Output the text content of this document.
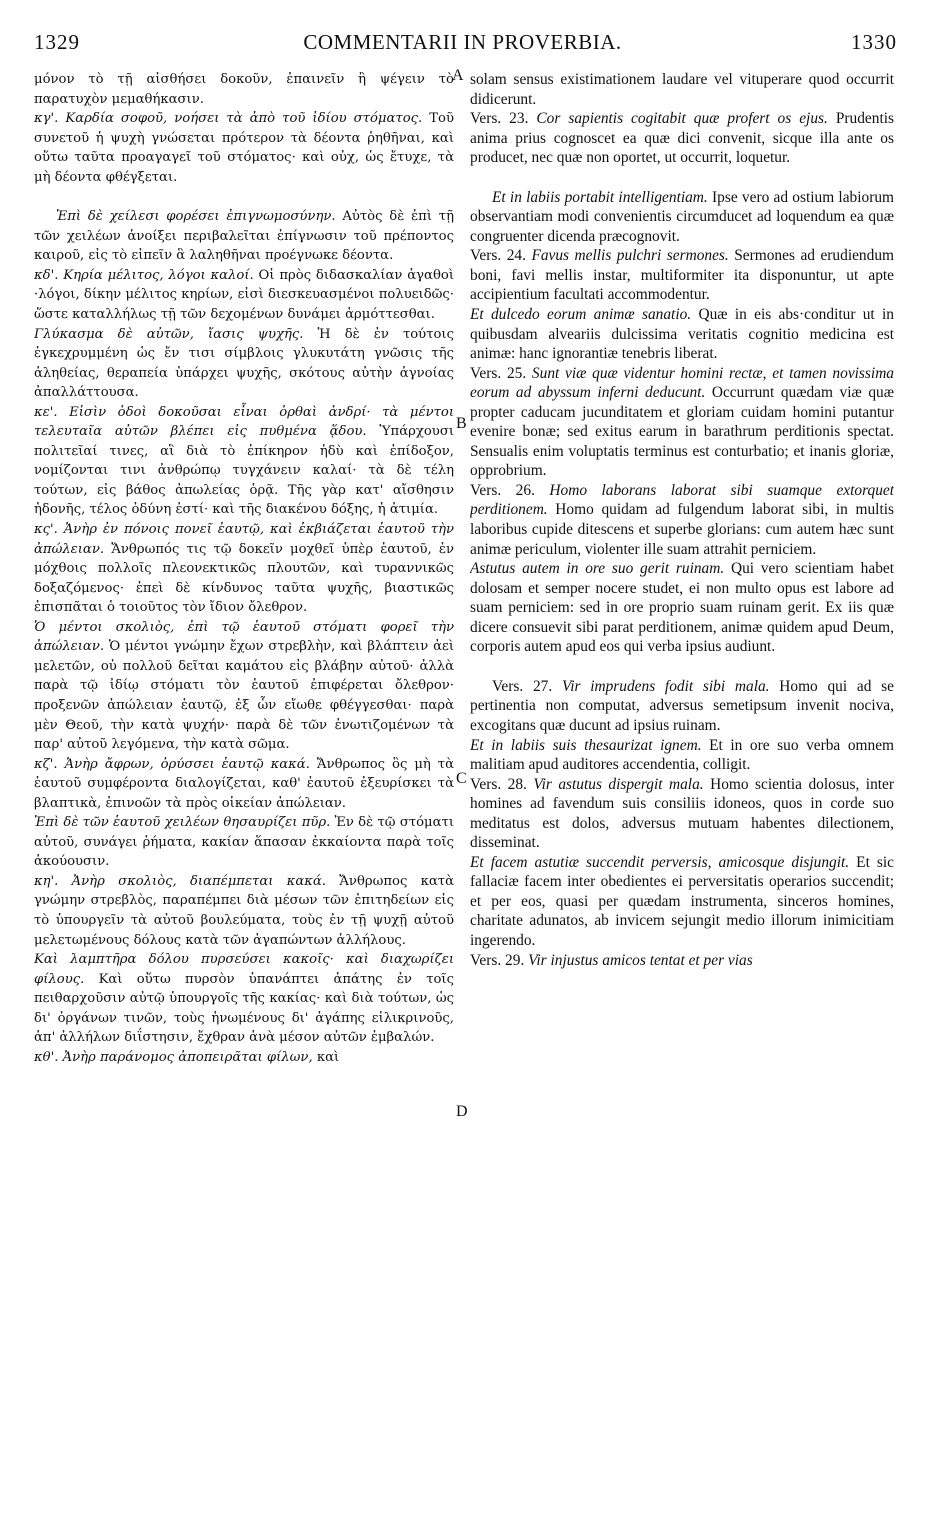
1329	COMMENTARII IN PROVERBIA.	1330
A
B
C
D

μόνον τὸ τῇ αἰσθήσει δοκοῦν, ἐπαινεῖν ἢ ψέγειν τὸ παρατυχὸν μεμαθήκασιν.

κγ'. Καρδία σοφοῦ, νοήσει τὰ ἀπὸ τοῦ ἰδίου στόματος. Τοῦ συνετοῦ ἡ ψυχὴ γνώσεται πρότερον τὰ δέοντα ῥηθῆναι, καὶ οὕτω ταῦτα προαγαγεῖ τοῦ στόματος· καὶ οὐχ, ὡς ἔτυχε, τὰ μὴ δέοντα φθέγξεται.

Ἐπὶ δὲ χείλεσι φορέσει ἐπιγνωμοσύνην. Αὐτὸς δὲ ἐπὶ τῇ τῶν χειλέων ἀνοίξει περιβαλεῖται ἐπίγνωσιν τοῦ πρέποντος καιροῦ, εἰς τὸ εἰπεῖν ἃ λαληθῆναι προέγνωκε δέοντα.

κδ'. Κηρία μέλιτος, λόγοι καλοί. Οἱ πρὸς διδασκαλίαν ἀγαθοὶ ·λόγοι, δίκην μέλιτος κηρίων, εἰσὶ διεσκευασμένοι πολυειδῶς· ὥστε καταλλήλως τῇ τῶν δεχομένων δυνάμει ἁρμόττεσθαι.

Γλύκασμα δὲ αὐτῶν, ἴασις ψυχῆς. Ἡ δὲ ἐν τούτοις ἐγκεχρυμμένη ὡς ἔν τισι σίμβλοις γλυκυτάτη γνῶσις τῆς ἀληθείας, θεραπεία ὑπάρχει ψυχῆς, σκότους αὐτὴν ἀγνοίας ἀπαλλάττουσα.

κε'. Εἰσὶν ὁδοὶ δοκοῦσαι εἶναι ὀρθαὶ ἀνδρί· τὰ μέντοι τελευταῖα αὐτῶν βλέπει εἰς πυθμένα ᾅδου. Ὑπάρχουσι πολιτεῖαί τινες, αἳ διὰ τὸ ἐπίκηρον ἡδὺ καὶ ἐπίδοξον, νομίζονται τινι ἀνθρώπῳ τυγχάνειν καλαί· τὰ δὲ τέλη τούτων, εἰς βάθος ἀπωλείας ὁρᾷ. Τῆς γὰρ κατ' αἴσθησιν ἡδονῆς, τέλος ὀδύνη ἐστί· καὶ τῆς διακένου δόξης, ἡ ἀτιμία.

κς'. Ἀνὴρ ἐν πόνοις πονεῖ ἑαυτῷ, καὶ ἐκβιάζεται ἑαυτοῦ τὴν ἀπώλειαν. Ἄνθρωπός τις τῷ δοκεῖν μοχθεῖ ὑπὲρ ἑαυτοῦ, ἐν μόχθοις πολλοῖς πλεονεκτικῶς πλουτῶν, καὶ τυραννικῶς δοξαζόμενος· ἐπεὶ δὲ κίνδυνος ταῦτα ψυχῆς, βιαστικῶς ἐπισπᾶται ὁ τοιοῦτος τὸν ἴδιον ὄλεθρον.

Ὁ μέντοι σκολιὸς, ἐπὶ τῷ ἑαυτοῦ στόματι φορεῖ τὴν ἀπώλειαν. Ὁ μέντοι γνώμην ἔχων στρεβλὴν, καὶ βλάπτειν ἀεὶ μελετῶν, οὐ πολλοῦ δεῖται καμάτου εἰς βλάβην αὐτοῦ· ἀλλὰ παρὰ τῷ ἰδίῳ στόματι τὸν ἑαυτοῦ ἐπιφέρεται ὄλεθρον· προξενῶν ἀπώλειαν ἑαυτῷ, ἐξ ὧν εἴωθε φθέγγεσθαι· παρὰ μὲν Θεοῦ, τὴν κατὰ ψυχήν· παρὰ δὲ τῶν ἐνωτιζομένων τὰ παρ' αὐτοῦ λεγόμενα, τὴν κατὰ σῶμα.

κζ'. Ἀνὴρ ἄφρων, ὀρύσσει ἑαυτῷ κακά. Ἄνθρωπος ὃς μὴ τὰ ἑαυτοῦ συμφέροντα διαλογίζεται, καθ' ἑαυτοῦ ἐξευρίσκει τὰ βλαπτικὰ, ἐπινοῶν τὰ πρὸς οἰκείαν ἀπώλειαν.

Ἐπὶ δὲ τῶν ἑαυτοῦ χειλέων θησαυρίζει πῦρ. Ἐν δὲ τῷ στόματι αὐτοῦ, συνάγει ῥήματα, κακίαν ἅπασαν ἐκκαίοντα παρὰ τοῖς ἀκούουσιν.

κη'. Ἀνὴρ σκολιὸς, διαπέμπεται κακά. Ἄνθρωπος κατὰ γνώμην στρεβλὸς, παραπέμπει διὰ μέσων τῶν ἐπιτηδείων εἰς τὸ ὑπουργεῖν τὰ αὐτοῦ βουλεύματα, τοὺς ἐν τῇ ψυχῇ αὐτοῦ μελετωμένους δόλους κατὰ τῶν ἀγαπώντων ἀλλήλους.

Καὶ λαμπτῆρα δόλου πυρσεύσει κακοῖς· καὶ διαχωρίζει φίλους. Καὶ οὕτω πυρσὸν ὑπανάπτει ἀπάτης ἐν τοῖς πειθαρχοῦσιν αὐτῷ ὑπουργοῖς τῆς κακίας· καὶ διὰ τούτων, ὡς δι' ὀργάνων τινῶν, τοὺς ἡνωμένους δι' ἀγάπης εἰλικρινοῦς, ἀπ' ἀλλήλων διΐστησιν, ἔχθραν ἀνὰ μέσον αὐτῶν ἐμβαλών.

κθ'. Ἀνὴρ παράνομος ἀποπειρᾶται φίλων, καὶ

solam sensus existimationem laudare vel vituperare quod occurrit didicerunt.

Vers. 23. Cor sapientis cogitabit quæ profert os ejus. Prudentis anima prius cognoscet ea quæ dici convenit, sicque illa ante os producet, nec quæ non oportet, ut occurrit, loquetur.

Et in labiis portabit intelligentiam. Ipse vero ad ostium labiorum observantiam modi convenientis circumducet ad loquendum ea quæ congruenter dicenda præcognovit.

Vers. 24. Favus mellis pulchri sermones. Sermones ad erudiendum boni, favi mellis instar, multiformiter ita disponuntur, ut apte accipientium facultati accommodentur.

Et dulcedo eorum animæ sanatio. Quæ in eis abs·conditur ut in quibusdam alveariis dulcissima veritatis cognitio medicina est animæ: hanc ignorantiæ tenebris liberat.

Vers. 25. Sunt viæ quæ videntur homini rectæ, et tamen novissima eorum ad abyssum inferni deducunt. Occurrunt quædam viæ quæ propter caducam jucunditatem et gloriam cuidam homini putantur evenire bonæ; sed exitus earum in barathrum perditionis spectat. Sensualis enim voluptatis terminus est conturbatio; et inanis gloriæ, opprobrium.

Vers. 26. Homo laborans laborat sibi suamque extorquet perditionem. Homo quidam ad fulgendum laborat sibi, in multis laboribus cupide ditescens et superbe glorians: cum autem hæc sunt animæ periculum, violenter ille suam attrahit perniciem.

Astutus autem in ore suo gerit ruinam. Qui vero scientiam habet dolosam et semper nocere studet, ei non multo opus est labore ad suam perniciem: sed in ore proprio suam ruinam gerit. Ex iis quæ dicere consuevit sibi parat perditionem, animæ quidem apud Deum, corporis autem apud eos qui verba ipsius audiunt.

Vers. 27. Vir imprudens fodit sibi mala. Homo qui ad se pertinentia non computat, adversus semetipsum invenit nociva, excogitans quæ ducunt ad ipsius ruinam.

Et in labiis suis thesaurizat ignem. Et in ore suo verba omnem malitiam apud auditores accendentia, colligit.

Vers. 28. Vir astutus dispergit mala. Homo scientia dolosus, inter homines ad favendum suis consiliis idoneos, quos in corde suo meditatus est dolos, adversus mutuam habentes dilectionem, disseminat.

Et facem astutiæ succendit perversis, amicosque disjungit. Et sic fallaciæ facem inter obedientes ei perversitatis operarios succendit; et per eos, quasi per quædam instrumenta, sinceros homines, charitate adunatos, ab invicem sejungit medio illorum inimicitiam ingerendo.

Vers. 29. Vir injustus amicos tentat et per vias
